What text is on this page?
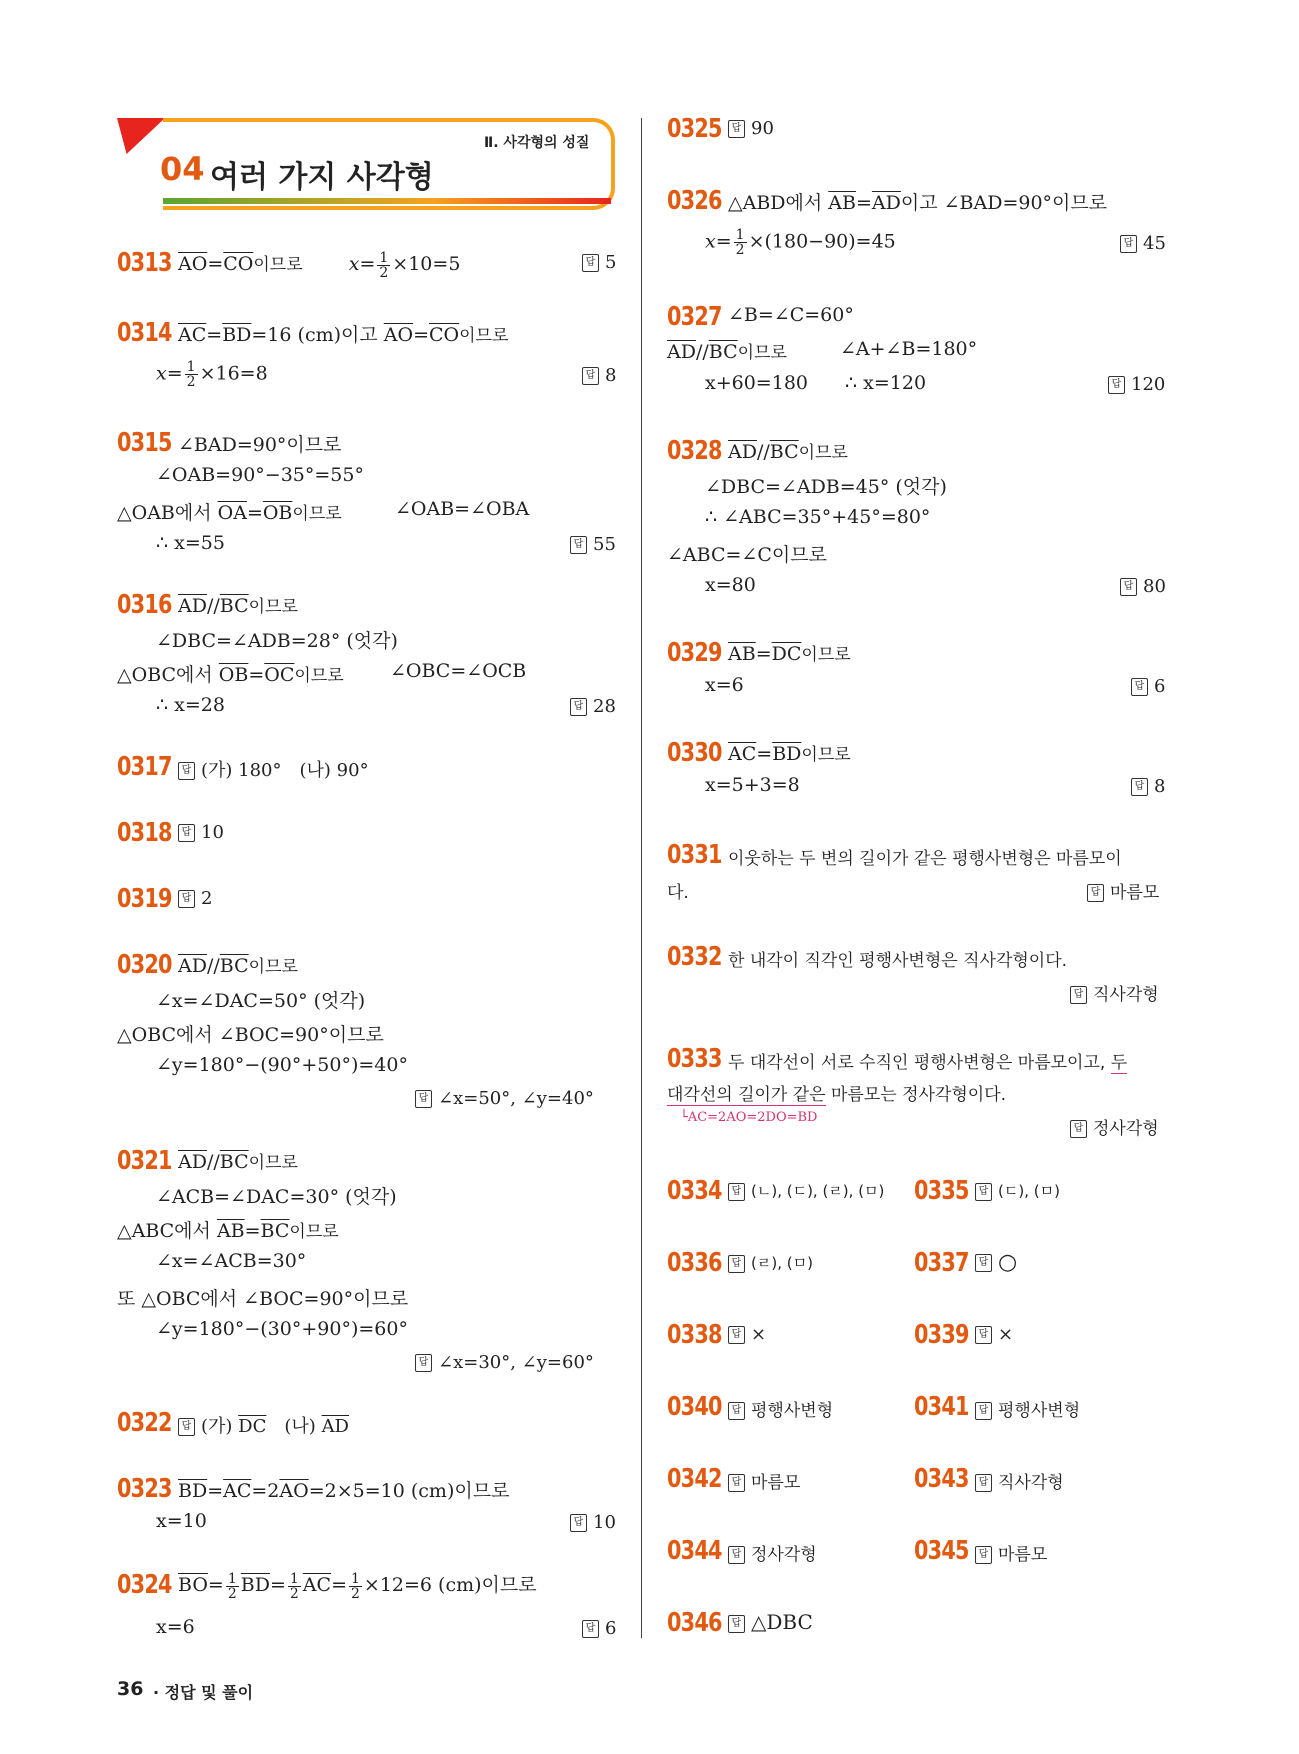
04 여러 가지 사각형
Ⅱ. 사각형의 성질
0313 $\overline{AO}=\overline{CO}$이므로 $x= \frac{1}{2} \times 10=5$	답 5
0314 $\overline{AC}=\overline{BD}=16$ (cm)이고 $\overline{AO}=\overline{CO}$이므로
$x= \frac{1}{2} \times 16=8$	답 8
0315 ∠BAD=90°이므로
∠OAB=90°−35°=55°
△OAB에서 $\overline{OA}=\overline{OB}$이므로	∠OAB=∠OBA
∴ x=55	답 55
0316 $\overline{AD}//\overline{BC}$이므로
∠DBC=∠ADB=28° (엇각)
△OBC에서 $\overline{OB}=\overline{OC}$이므로 ∠OBC=∠OCB
∴ x=28	답 28
0317 답 (가) 180° (나) 90°
0318 답 10
0319 답 2
0320 $\overline{AD}//\overline{BC}$이므로
∠x=∠DAC=50° (엇각)
△OBC에서 ∠BOC=90°이므로
∠y=180°−(90°+50°)=40°
답 ∠x=50°, ∠y=40°
0321 $\overline{AD}//\overline{BC}$이므로
∠ACB=∠DAC=30° (엇각)
△ABC에서 $\overline{AB}=\overline{BC}$이므로
∠x=∠ACB=30°
또 △OBC에서 ∠BOC=90°이므로
∠y=180°−(30°+90°)=60°
답 ∠x=30°, ∠y=60°
0322 답 (가) $\overline{DC}$ (나) $\overline{AD}$
0323 $\overline{BD}=\overline{AC}=2\overline{AO}=2\times 5=10$ (cm)이므로
x=10	답 10
0324 $\overline{BO}= \frac{1}{2} \overline{BD}= \frac{1}{2} \overline{AC}= \frac{1}{2} \times 12=6$ (cm)이므로
x=6	답 6
0325 답 90
0326 △ABD에서 $\overline{AB}=\overline{AD}$이고 ∠BAD=90°이므로
$x= \frac{1}{2} \times(180-90)=45$	답 45
0327 ∠B=∠C=60°
$\overline{AD}//\overline{BC}$이므로	∠A+∠B=180°
x+60=180 ∴ x=120	답 120
0328 $\overline{AD}//\overline{BC}$이므로
∠DBC=∠ADB=45° (엇각)
∴ ∠ABC=35°+45°=80°
∠ABC=∠C이므로
x=80	답 80
0329 $\overline{AB}=\overline{DC}$이므로
x=6	답 6
0330 $\overline{AC}=\overline{BD}$이므로
x=5+3=8	답 8
0331 이웃하는 두 변의 길이가 같은 평행사변형은 마름모이
다.	답 마름모
0332 한 내각이 직각인 평행사변형은 직사각형이다.
답 직사각형
0333 두 대각선이 서로 수직인 평행사변형은 마름모이고, 두
대각선의 길이가 같은 마름모는 정사각형이다.
└AC=2AO=2DO=BD
답 정사각형
0334 답 (ㄴ), (ㄷ), (ㄹ), (ㅁ) 0335 답 (ㄷ), (ㅁ)
0336 답 (ㄹ), (ㅁ)	0337 답 ○
0338 답 ×	0339 답 ×
0340 답 평행사변형	0341 답 평행사변형
0342 답 마름모	0343 답 직사각형
0344 답 정사각형	0345 답 마름모
0346 답 △DBC
36 · 정답 및 풀이
